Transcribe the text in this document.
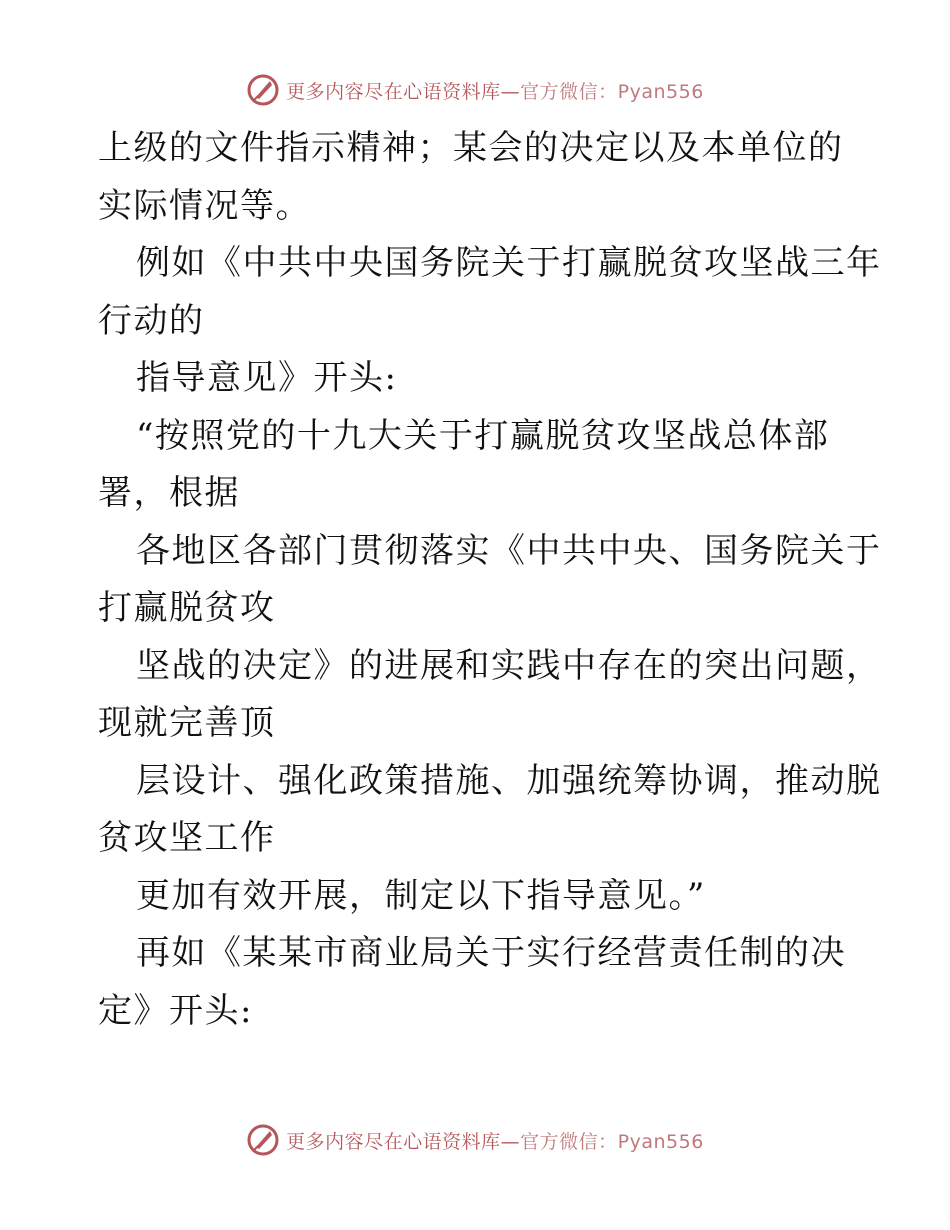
更多内容尽在心语资料库—官方微信：Pyan556
上级的文件指示精神；某会的决定以及本单位的
实际情况等。
例如《中共中央国务院关于打赢脱贫攻坚战三年
行动的
指导意见》开头:
“按照党的十九大关于打赢脱贫攻坚战总体部
署，根据
各地区各部门贯彻落实《中共中央、国务院关于
打赢脱贫攻
坚战的决定》的进展和实践中存在的突出问题，
现就完善顶
层设计、强化政策措施、加强统筹协调，推动脱
贫攻坚工作
更加有效开展，制定以下指导意见。”
再如《某某市商业局关于实行经营责任制的决
定》开头:
更多内容尽在心语资料库—官方微信：Pyan556
